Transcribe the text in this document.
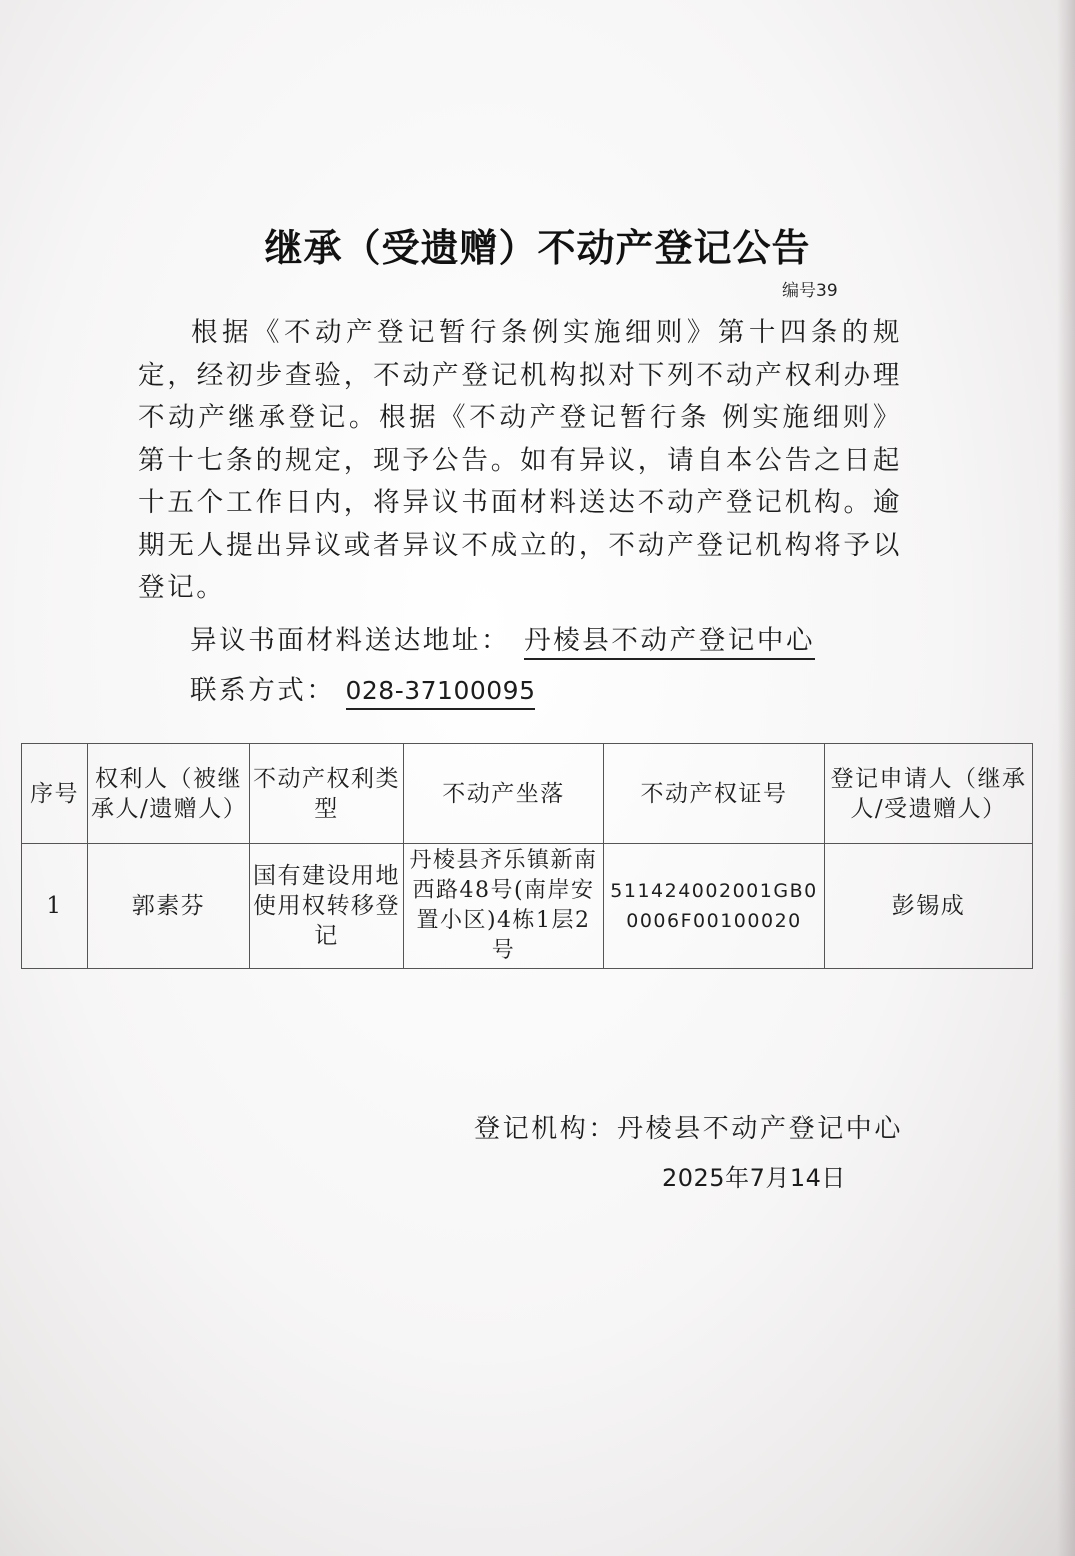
继承（受遗赠）不动产登记公告
编号39

根据《不动产登记暂行条例实施细则》第十四条的规定，经初步查验，不动产登记机构拟对下列不动产权利办理不动产继承登记。根据《不动产登记暂行条 例实施细则》第十七条的规定，现予公告。如有异议，请自本公告之日起十五个工作日内，将异议书面材料送达不动产登记机构。逾期无人提出异议或者异议不成立的，不动产登记机构将予以登记。

异议书面材料送达地址： 丹棱县不动产登记中心
联系方式： 028-37100095
序号	权利人（被继承人/遗赠人）	不动产权利类型	不动产坐落	不动产权证号	登记申请人（继承人/受遗赠人）
1	郭素芬	国有建设用地使用权转移登记	丹棱县齐乐镇新南西路48号(南岸安置小区)4栋1层2号	511424002001GB00006F00100020	彭锡成
登记机构：丹棱县不动产登记中心
2025年7月14日
